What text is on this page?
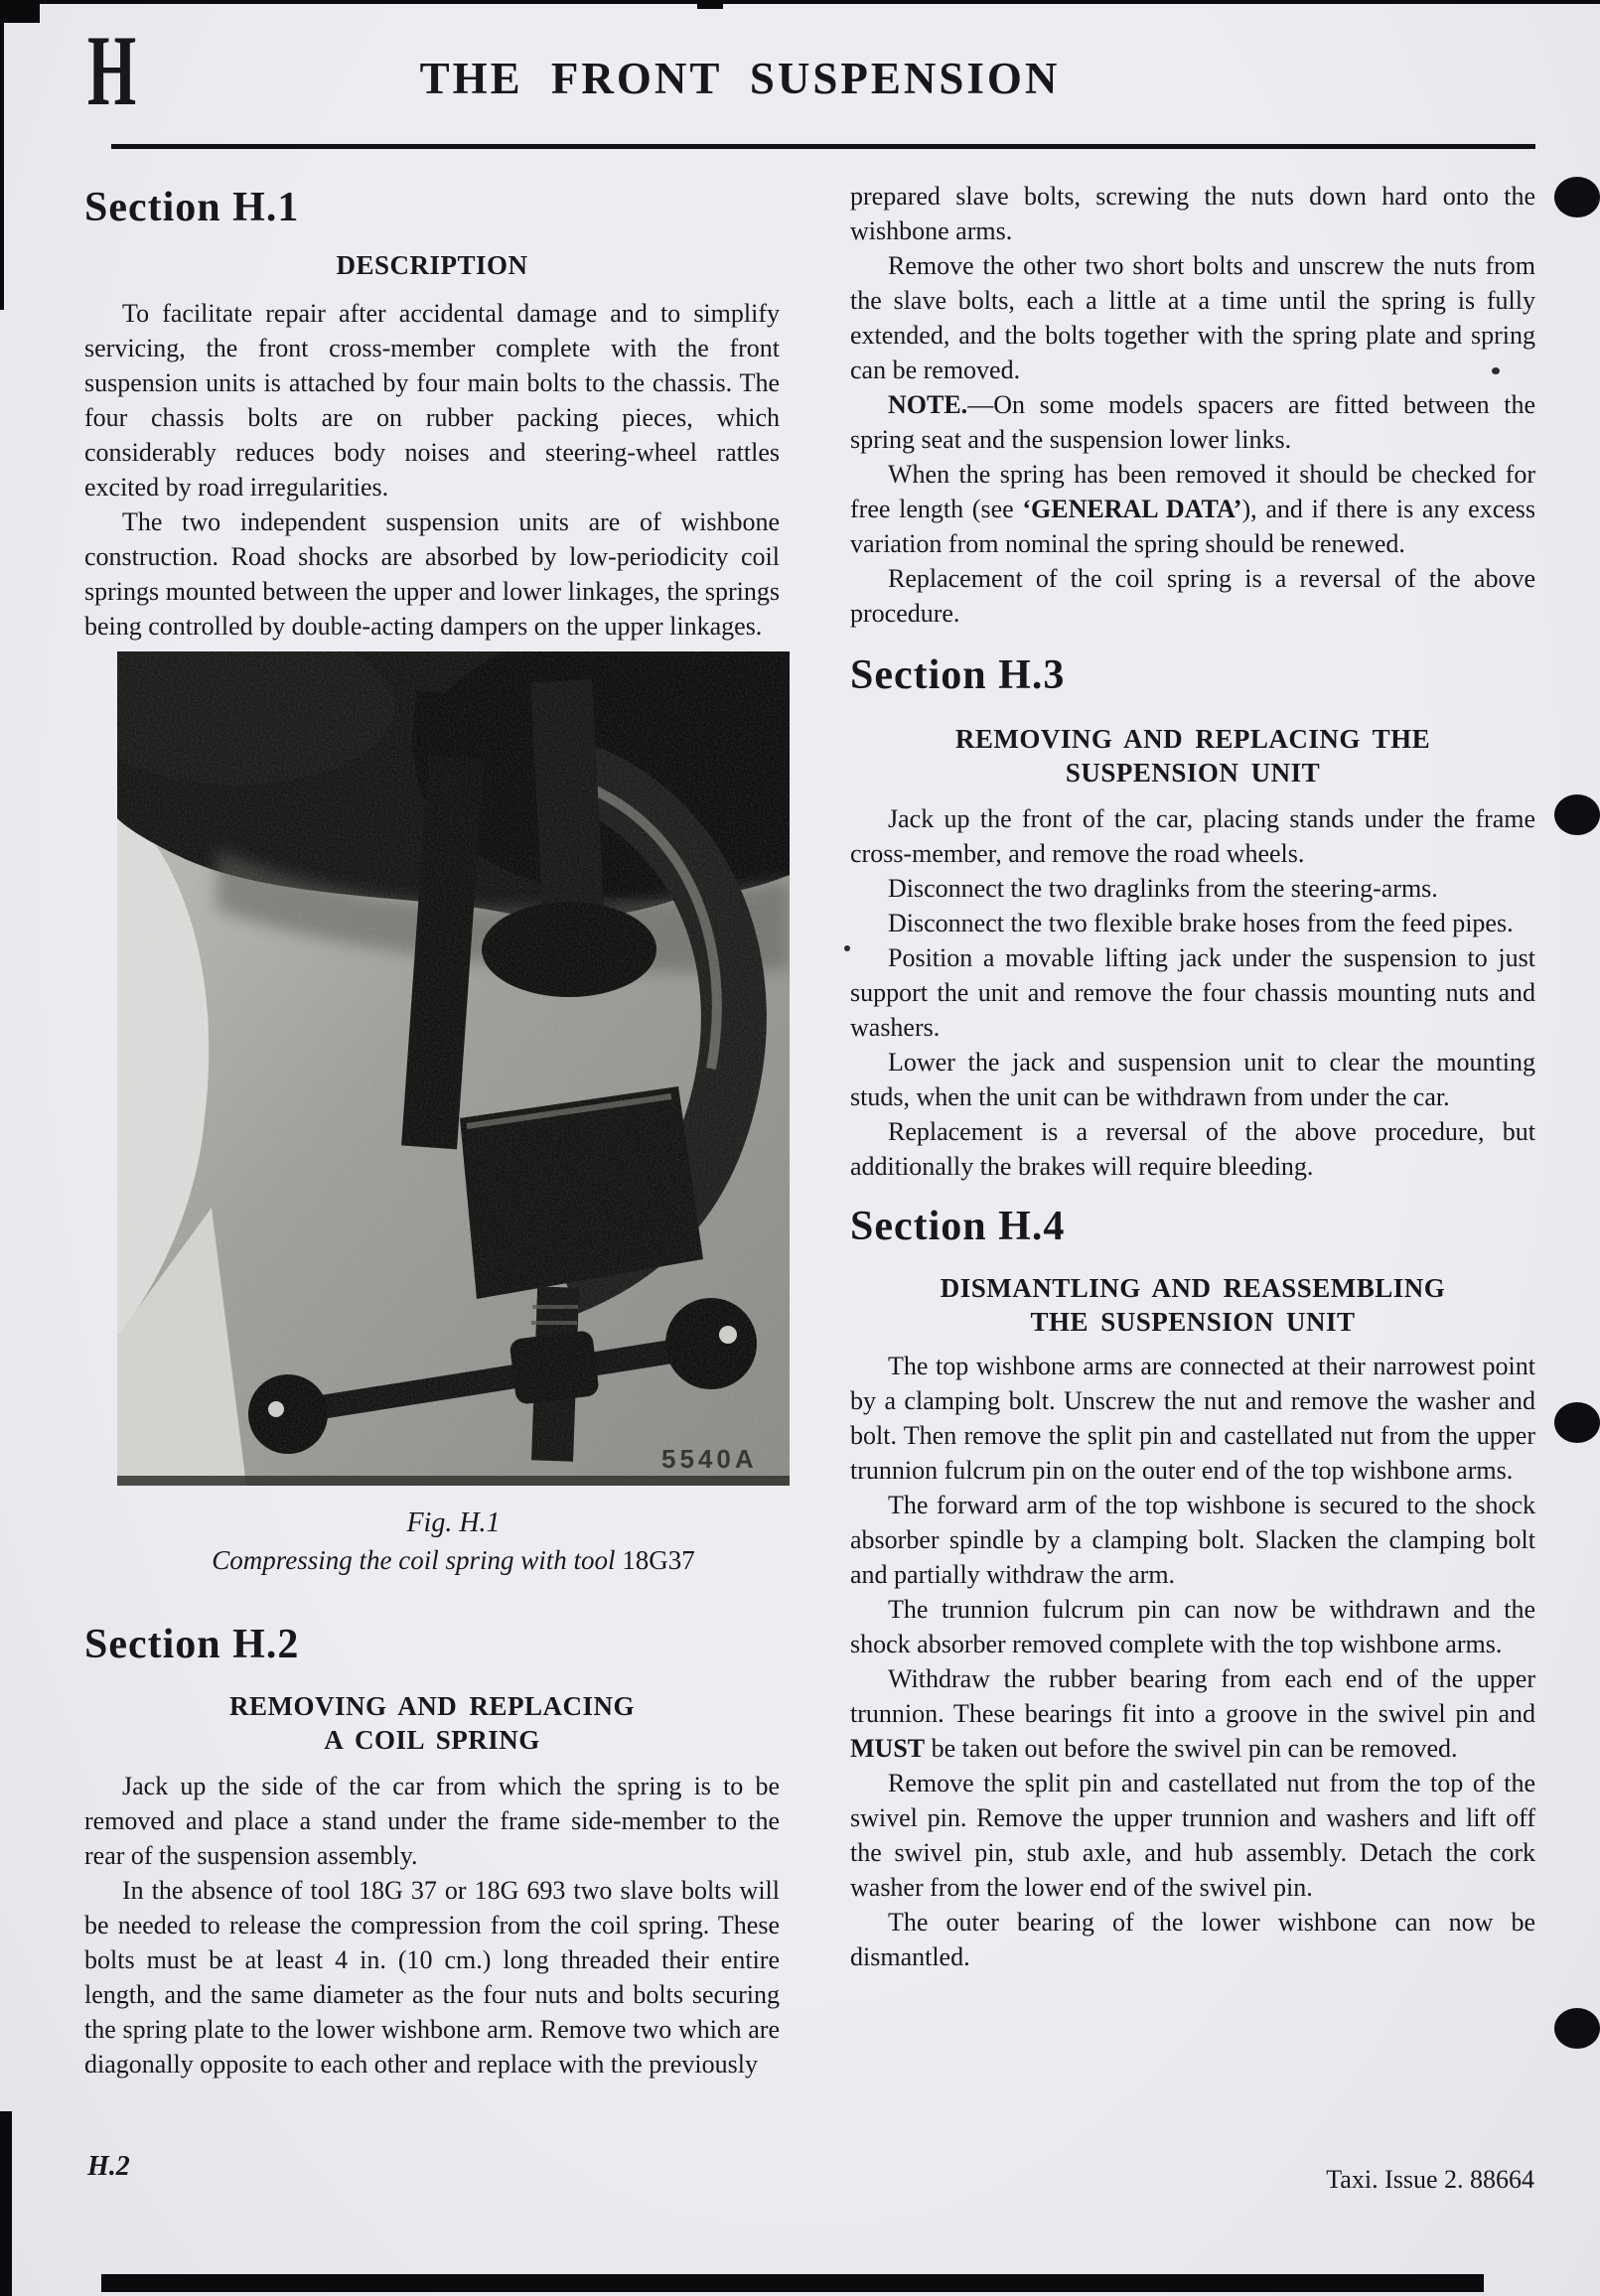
H	THE FRONT SUSPENSION
Section H.1
DESCRIPTION

To facilitate repair after accidental damage and to simplify servicing, the front cross-member complete with the front suspension units is attached by four main bolts to the chassis. The four chassis bolts are on rubber packing pieces, which considerably reduces body noises and steering-wheel rattles excited by road irregularities.

The two independent suspension units are of wishbone construction. Road shocks are absorbed by low-periodicity coil springs mounted between the upper and lower linkages, the springs being controlled by double-acting dampers on the upper linkages.

5540A
Fig. H.1
Compressing the coil spring with tool 18G37
Section H.2
REMOVING AND REPLACING
A COIL SPRING

Jack up the side of the car from which the spring is to be removed and place a stand under the frame side-member to the rear of the suspension assembly.

In the absence of tool 18G 37 or 18G 693 two slave bolts will be needed to release the compression from the coil spring. These bolts must be at least 4 in. (10 cm.) long threaded their entire length, and the same diameter as the four nuts and bolts securing the spring plate to the lower wishbone arm. Remove two which are diagonally opposite to each other and replace with the previously

prepared slave bolts, screwing the nuts down hard onto the wishbone arms.

Remove the other two short bolts and unscrew the nuts from the slave bolts, each a little at a time until the spring is fully extended, and the bolts together with the spring plate and spring can be removed.

NOTE.—On some models spacers are fitted between the spring seat and the suspension lower links.

When the spring has been removed it should be checked for free length (see ‘GENERAL DATA’), and if there is any excess variation from nominal the spring should be renewed.

Replacement of the coil spring is a reversal of the above procedure.

Section H.3
REMOVING AND REPLACING THE
SUSPENSION UNIT

Jack up the front of the car, placing stands under the frame cross-member, and remove the road wheels.

Disconnect the two draglinks from the steering-arms.

Disconnect the two flexible brake hoses from the feed pipes.

Position a movable lifting jack under the suspension to just support the unit and remove the four chassis mounting nuts and washers.

Lower the jack and suspension unit to clear the mounting studs, when the unit can be withdrawn from under the car.

Replacement is a reversal of the above procedure, but additionally the brakes will require bleeding.

Section H.4
DISMANTLING AND REASSEMBLING
THE SUSPENSION UNIT

The top wishbone arms are connected at their narrowest point by a clamping bolt. Unscrew the nut and remove the washer and bolt. Then remove the split pin and castellated nut from the upper trunnion fulcrum pin on the outer end of the top wishbone arms.

The forward arm of the top wishbone is secured to the shock absorber spindle by a clamping bolt. Slacken the clamping bolt and partially withdraw the arm.

The trunnion fulcrum pin can now be withdrawn and the shock absorber removed complete with the top wishbone arms.

Withdraw the rubber bearing from each end of the upper trunnion. These bearings fit into a groove in the swivel pin and MUST be taken out before the swivel pin can be removed.

Remove the split pin and castellated nut from the top of the swivel pin. Remove the upper trunnion and washers and lift off the swivel pin, stub axle, and hub assembly. Detach the cork washer from the lower end of the swivel pin.

The outer bearing of the lower wishbone can now be dismantled.

H.2	Taxi. Issue 2. 88664
